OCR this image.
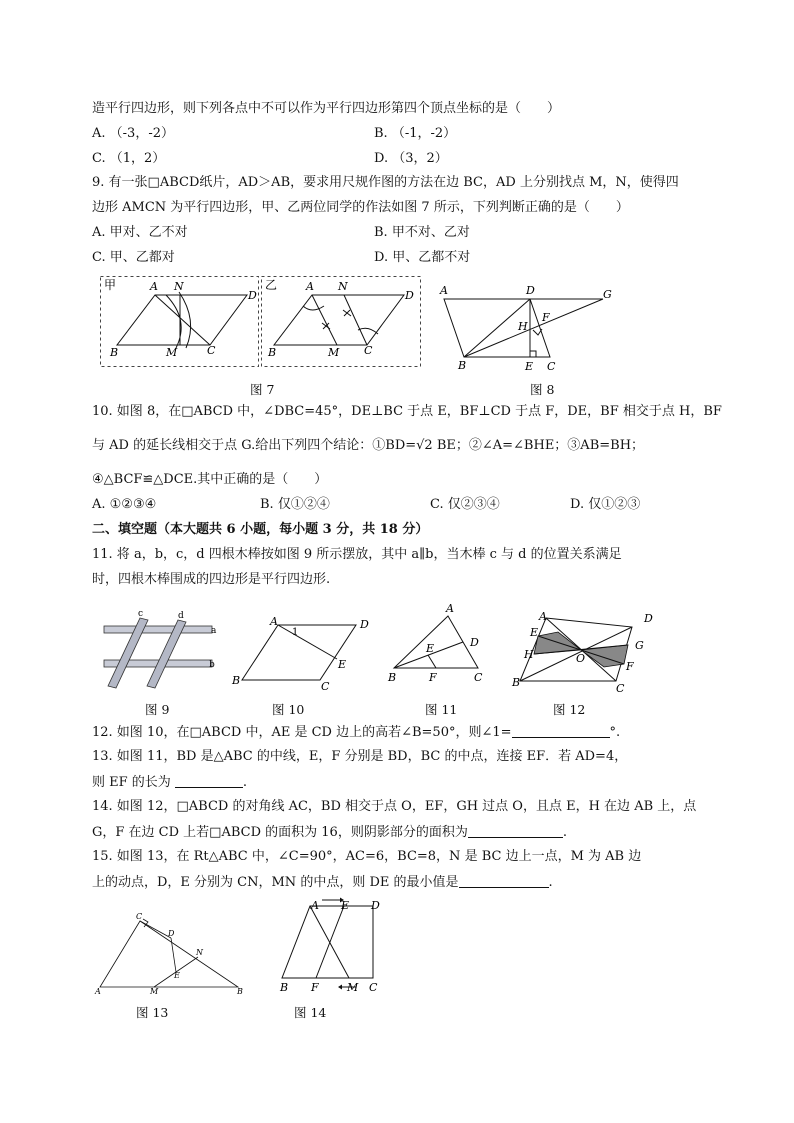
造平行四边形，则下列各点中不可以作为平行四边形第四个顶点坐标的是（　　）
A. （-3，-2）	B. （-1，-2）
C. （1，2）	D. （3，2）
9. 有一张□ABCD纸片，AD＞AB，要求用尺规作图的方法在边 BC，AD 上分别找点 M，N，使得四
边形 AMCN 为平行四边形，甲、乙两位同学的作法如图 7 所示，下列判断正确的是（　　）
A. 甲对、乙不对	B. 甲不对、乙对
C. 甲、乙都对	D. 甲、乙都不对
甲	乙
A N
D
B	M	C
A N
D
B	M C
图 7
A	D	G
F
H
B	E C
图 8
10. 如图 8，在□ABCD 中，∠DBC=45°，DE⊥BC 于点 E，BF⊥CD 于点 F，DE，BF 相交于点 H，BF
与 AD 的延长线相交于点 G.给出下列四个结论：①BD=√2 BE；②∠A=∠BHE；③AB=BH；
④△BCF≌△DCE.其中正确的是（　　）
A. ①②③④	B. 仅①②④	C. 仅②③④	D. 仅①②③
二、填空题（本大题共 6 小题，每小题 3 分，共 18 分）
11. 将 a，b，c，d 四根木棒按如图 9 所示摆放，其中 a∥b，当木棒 c 与 d 的位置关系满足
时，四根木棒围成的四边形是平行四边形.
c	d
a
b
图 9
A	D
1
E
B	C
图 10
A
D
E
B	F	C
图 11
A	D
E
G
H	O
F
B	C
图 12
12. 如图 10，在□ABCD 中，AE 是 CD 边上的高若∠B=50°，则∠1=	°.
13. 如图 11，BD 是△ABC 的中线，E，F 分别是 BD，BC 的中点，连接 EF．若 AD=4，
则 EF 的长为	.
14. 如图 12，□ABCD 的对角线 AC，BD 相交于点 O，EF，GH 过点 O，且点 E，H 在边 AB 上，点
G，F 在边 CD 上若□ABCD 的面积为 16，则阴影部分的面积为	.
15. 如图 13，在 Rt△ABC 中，∠C=90°，AC=6，BC=8，N 是 BC 边上一点，M 为 AB 边
上的动点，D，E 分别为 CN，MN 的中点，则 DE 的最小值是	.
C
D
N
E
A	M	B
图 13
A E D
B F	M C
图 14
